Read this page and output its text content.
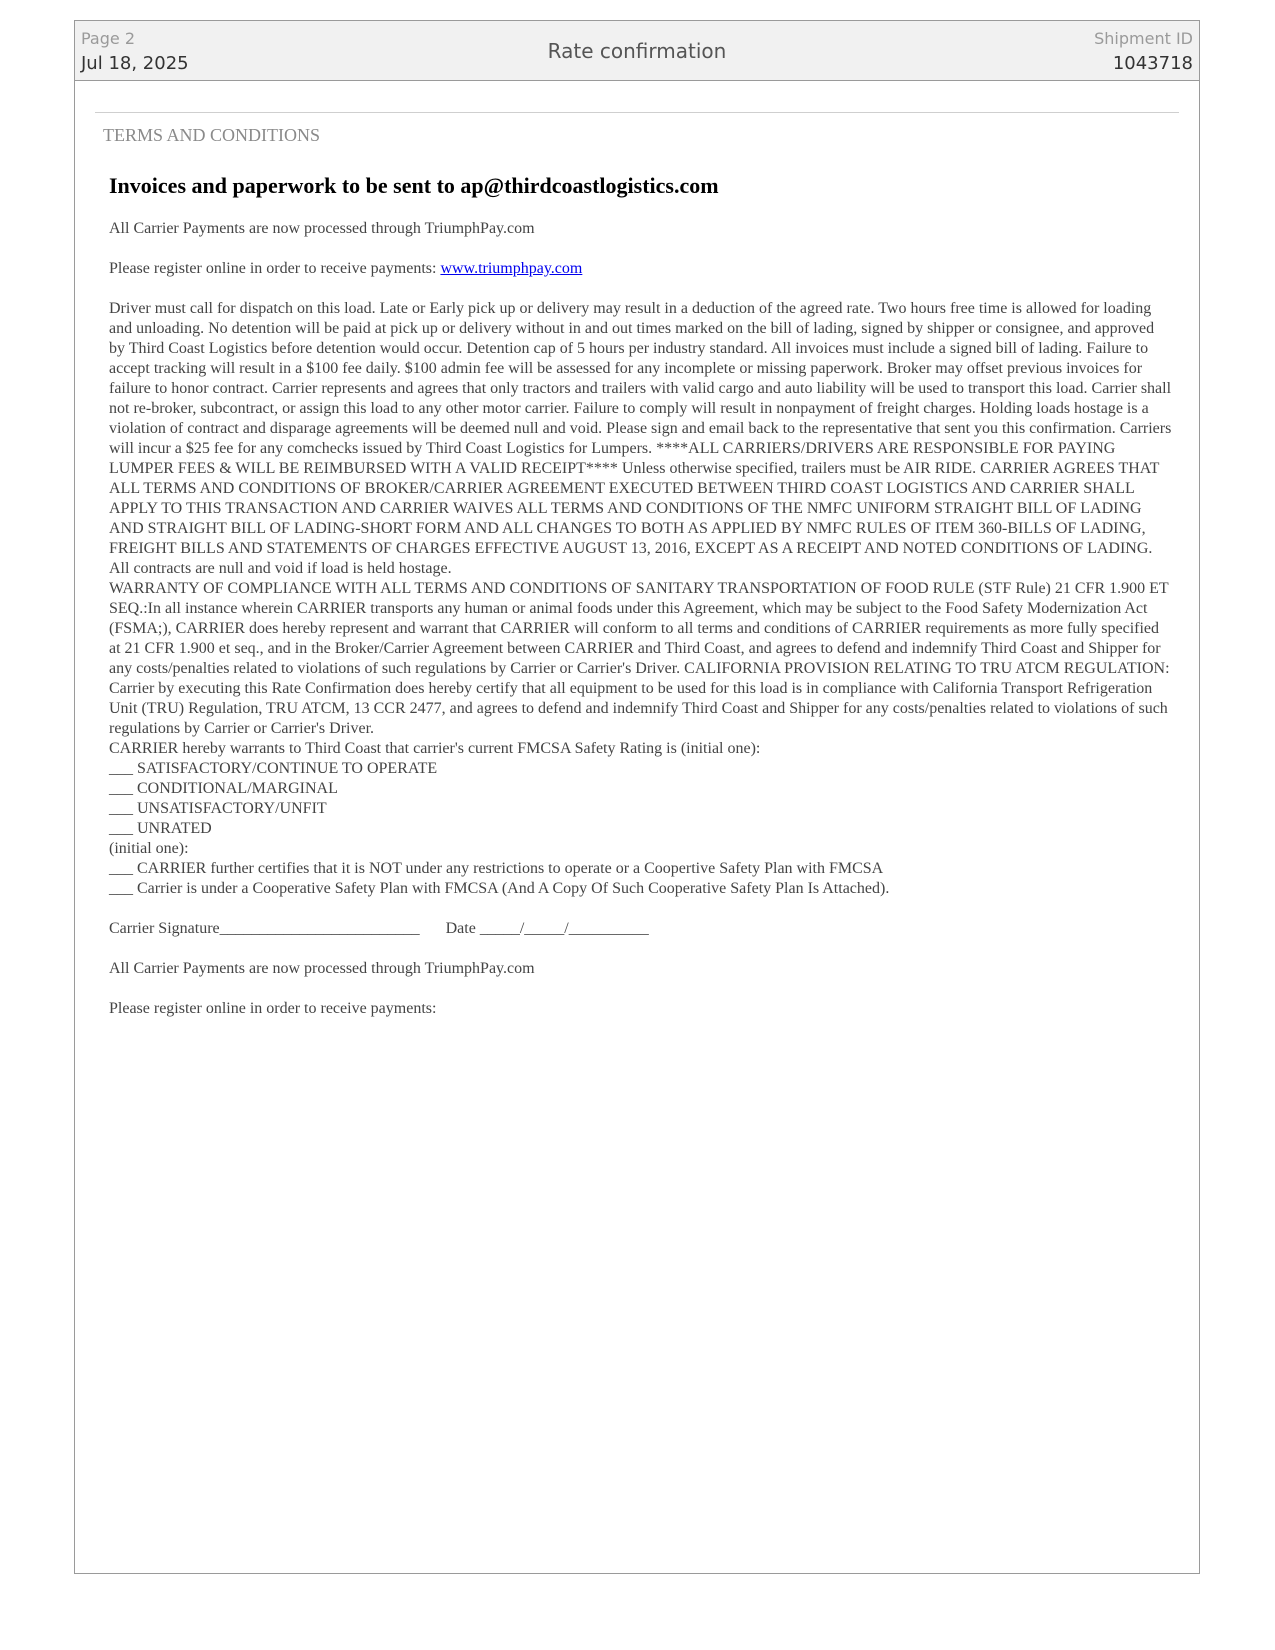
Page 2
Jul 18, 2025
Rate confirmation
Shipment ID
1043718
TERMS AND CONDITIONS

Invoices and paperwork to be sent to ap@thirdcoastlogistics.com

All Carrier Payments are now processed through TriumphPay.com

Please register online in order to receive payments: www.triumphpay.com

Driver must call for dispatch on this load. Late or Early pick up or delivery may result in a deduction of the agreed rate. Two hours free time is allowed for loading and unloading. No detention will be paid at pick up or delivery without in and out times marked on the bill of lading, signed by shipper or consignee, and approved by Third Coast Logistics before detention would occur. Detention cap of 5 hours per industry standard. All invoices must include a signed bill of lading. Failure to accept tracking will result in a $100 fee daily. $100 admin fee will be assessed for any incomplete or missing paperwork. Broker may offset previous invoices for failure to honor contract. Carrier represents and agrees that only tractors and trailers with valid cargo and auto liability will be used to transport this load. Carrier shall not re-broker, subcontract, or assign this load to any other motor carrier. Failure to comply will result in nonpayment of freight charges. Holding loads hostage is a violation of contract and disparage agreements will be deemed null and void. Please sign and email back to the representative that sent you this confirmation. Carriers will incur a $25 fee for any comchecks issued by Third Coast Logistics for Lumpers. ****ALL CARRIERS/DRIVERS ARE RESPONSIBLE FOR PAYING LUMPER FEES & WILL BE REIMBURSED WITH A VALID RECEIPT**** Unless otherwise specified, trailers must be AIR RIDE. CARRIER AGREES THAT ALL TERMS AND CONDITIONS OF BROKER/CARRIER AGREEMENT EXECUTED BETWEEN THIRD COAST LOGISTICS AND CARRIER SHALL APPLY TO THIS TRANSACTION AND CARRIER WAIVES ALL TERMS AND CONDITIONS OF THE NMFC UNIFORM STRAIGHT BILL OF LADING AND STRAIGHT BILL OF LADING-SHORT FORM AND ALL CHANGES TO BOTH AS APPLIED BY NMFC RULES OF ITEM 360-BILLS OF LADING, FREIGHT BILLS AND STATEMENTS OF CHARGES EFFECTIVE AUGUST 13, 2016, EXCEPT AS A RECEIPT AND NOTED CONDITIONS OF LADING. All contracts are null and void if load is held hostage.

WARRANTY OF COMPLIANCE WITH ALL TERMS AND CONDITIONS OF SANITARY TRANSPORTATION OF FOOD RULE (STF Rule) 21 CFR 1.900 ET SEQ.:In all instance wherein CARRIER transports any human or animal foods under this Agreement, which may be subject to the Food Safety Modernization Act (FSMA;), CARRIER does hereby represent and warrant that CARRIER will conform to all terms and conditions of CARRIER requirements as more fully specified at 21 CFR 1.900 et seq., and in the Broker/Carrier Agreement between CARRIER and Third Coast, and agrees to defend and indemnify Third Coast and Shipper for any costs/penalties related to violations of such regulations by Carrier or Carrier's Driver. CALIFORNIA PROVISION RELATING TO TRU ATCM REGULATION: Carrier by executing this Rate Confirmation does hereby certify that all equipment to be used for this load is in compliance with California Transport Refrigeration Unit (TRU) Regulation, TRU ATCM, 13 CCR 2477, and agrees to defend and indemnify Third Coast and Shipper for any costs/penalties related to violations of such regulations by Carrier or Carrier's Driver.

CARRIER hereby warrants to Third Coast that carrier's current FMCSA Safety Rating is (initial one):

___ SATISFACTORY/CONTINUE TO OPERATE
___ CONDITIONAL/MARGINAL
___ UNSATISFACTORY/UNFIT
___ UNRATED
(initial one):
___ CARRIER further certifies that it is NOT under any restrictions to operate or a Coopertive Safety Plan with FMCSA
___ Carrier is under a Cooperative Safety Plan with FMCSA (And A Copy Of Such Cooperative Safety Plan Is Attached).

Carrier Signature_________________________ Date _____/_____/__________

All Carrier Payments are now processed through TriumphPay.com

Please register online in order to receive payments:
